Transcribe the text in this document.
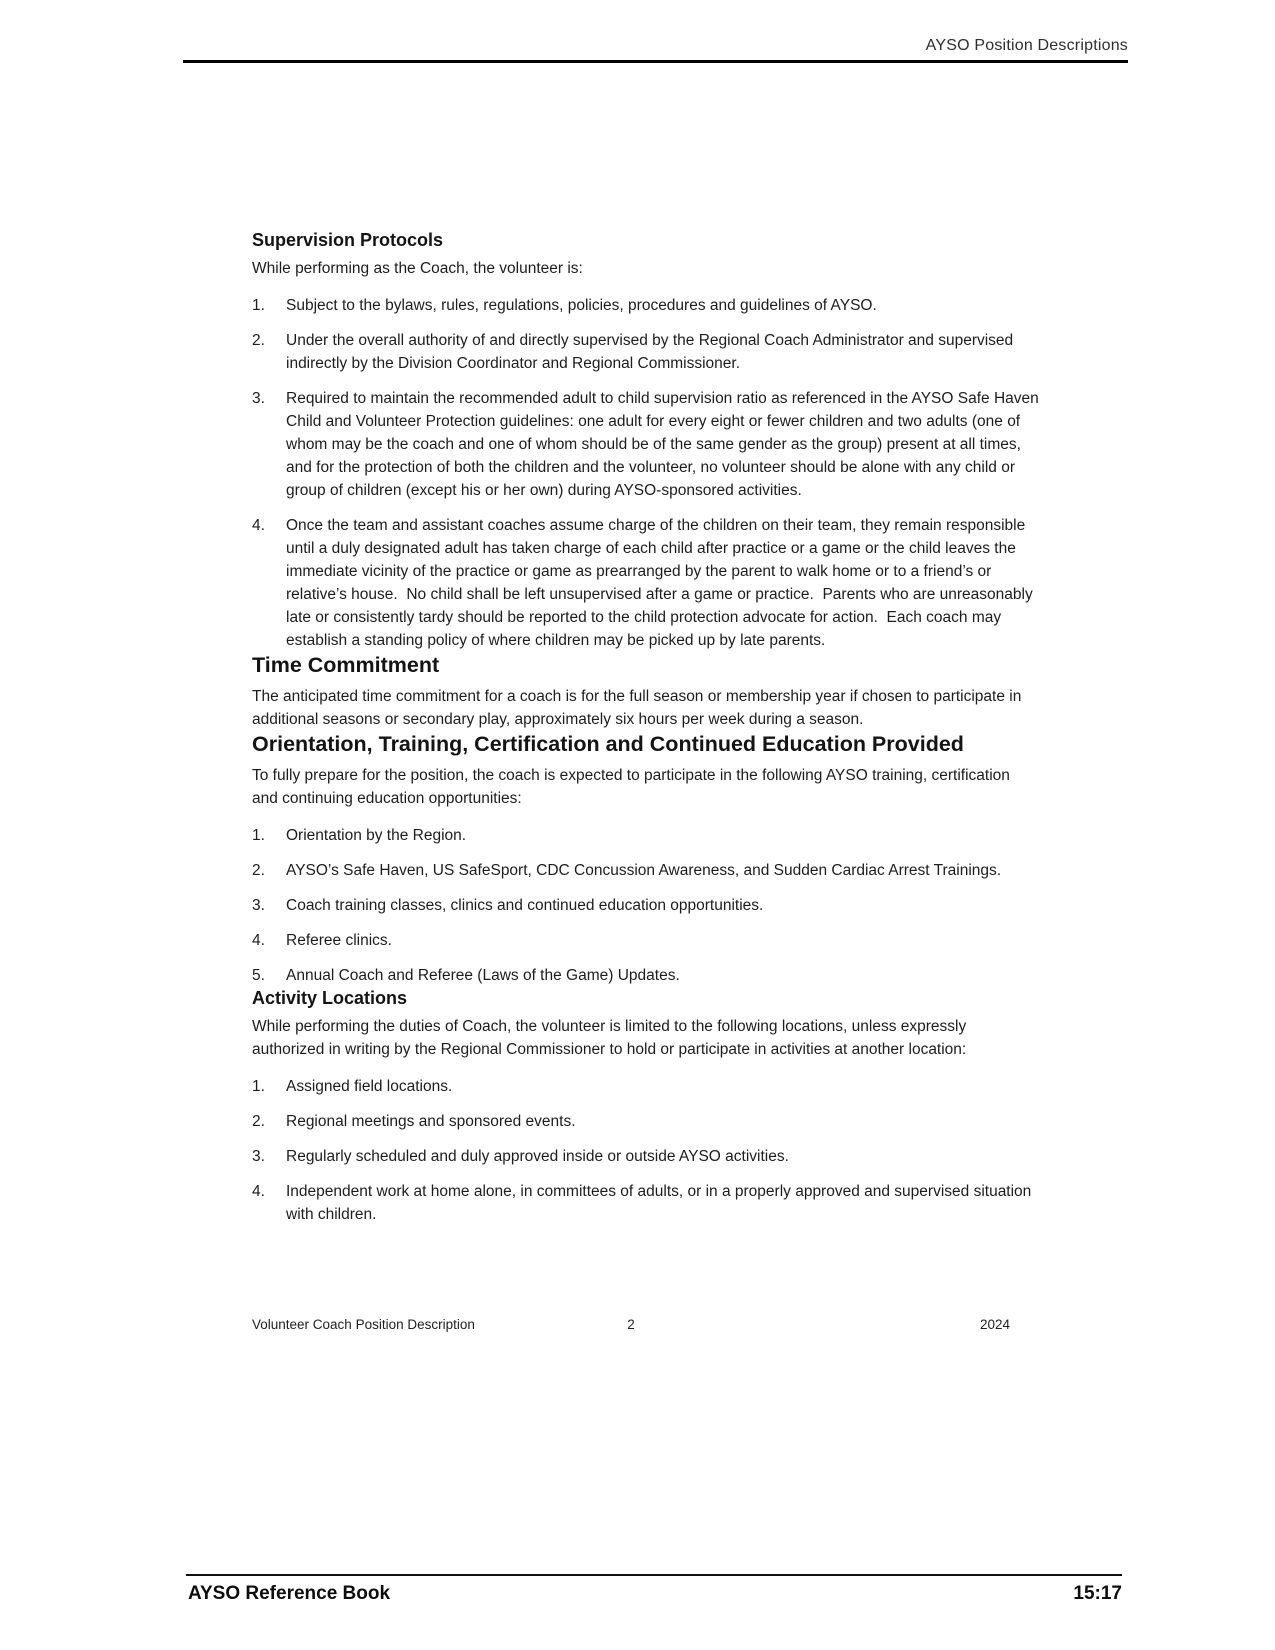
AYSO Position Descriptions
Supervision Protocols

While performing as the Coach, the volunteer is:

1. Subject to the bylaws, rules, regulations, policies, procedures and guidelines of AYSO.
2. Under the overall authority of and directly supervised by the Regional Coach Administrator and supervised indirectly by the Division Coordinator and Regional Commissioner.
3. Required to maintain the recommended adult to child supervision ratio as referenced in the AYSO Safe Haven Child and Volunteer Protection guidelines: one adult for every eight or fewer children and two adults (one of whom may be the coach and one of whom should be of the same gender as the group) present at all times, and for the protection of both the children and the volunteer, no volunteer should be alone with any child or group of children (except his or her own) during AYSO-sponsored activities.
4. Once the team and assistant coaches assume charge of the children on their team, they remain responsible until a duly designated adult has taken charge of each child after practice or a game or the child leaves the immediate vicinity of the practice or game as prearranged by the parent to walk home or to a friend’s or relative’s house.  No child shall be left unsupervised after a game or practice.  Parents who are unreasonably late or consistently tardy should be reported to the child protection advocate for action.  Each coach may establish a standing policy of where children may be picked up by late parents.
Time Commitment

The anticipated time commitment for a coach is for the full season or membership year if chosen to participate in additional seasons or secondary play, approximately six hours per week during a season.

Orientation, Training, Certification and Continued Education Provided

To fully prepare for the position, the coach is expected to participate in the following AYSO training, certification and continuing education opportunities:

1. Orientation by the Region.
2. AYSO’s Safe Haven, US SafeSport, CDC Concussion Awareness, and Sudden Cardiac Arrest Trainings.
3. Coach training classes, clinics and continued education opportunities.
4. Referee clinics.
5. Annual Coach and Referee (Laws of the Game) Updates.
Activity Locations

While performing the duties of Coach, the volunteer is limited to the following locations, unless expressly authorized in writing by the Regional Commissioner to hold or participate in activities at another location:

1. Assigned field locations.
2. Regional meetings and sponsored events.
3. Regularly scheduled and duly approved inside or outside AYSO activities.
4. Independent work at home alone, in committees of adults, or in a properly approved and supervised situation with children.
Volunteer Coach Position Description	2	2024
AYSO Reference Book	15:17
